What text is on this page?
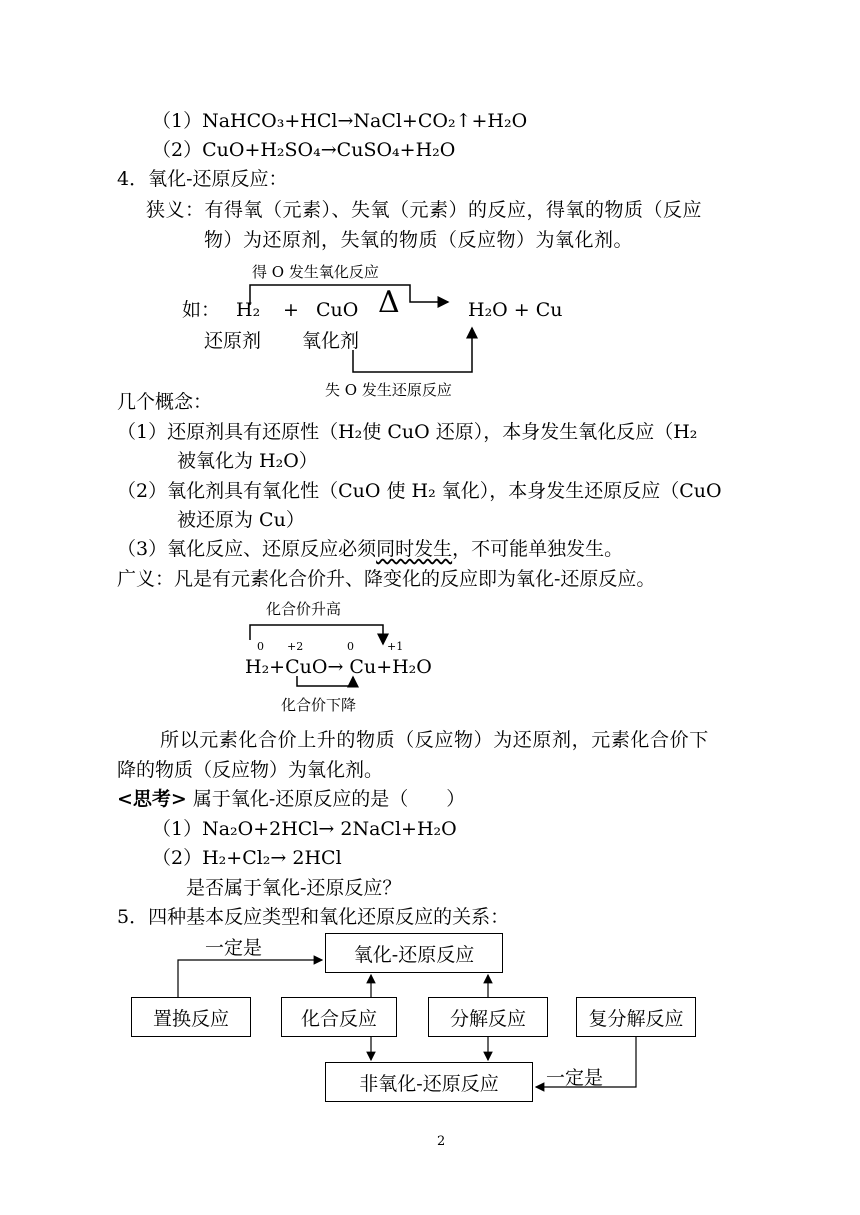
（1）NaHCO₃+HCl→NaCl+CO₂↑+H₂O
（2）CuO+H₂SO₄→CuSO₄+H₂O
4．氧化-还原反应：
狭义：有得氧（元素）、失氧（元素）的反应，得氧的物质（反应
物）为还原剂，失氧的物质（反应物）为氧化剂。
得 O 发生氧化反应
如： H₂ + CuO Δ	H₂O + Cu
还原剂 氧化剂
失 O 发生还原反应
几个概念：
（1）还原剂具有还原性（H₂使 CuO 还原），本身发生氧化反应（H₂
被氧化为 H₂O）
（2）氧化剂具有氧化性（CuO 使 H₂ 氧化），本身发生还原反应（CuO
被还原为 Cu）
（3）氧化反应、还原反应必须同时发生，不可能单独发生。
广义：凡是有元素化合价升、降变化的反应即为氧化-还原反应。
化合价升高
0 +2	0	+1
H₂+CuO→ Cu+H₂O
化合价下降
所以元素化合价上升的物质（反应物）为还原剂，元素化合价下
降的物质（反应物）为氧化剂。
<思考> 属于氧化-还原反应的是（　　）
（1）Na₂O+2HCl→ 2NaCl+H₂O
（2）H₂+Cl₂→ 2HCl
是否属于氧化-还原反应？
5．四种基本反应类型和氧化还原反应的关系：
一定是	氧化-还原反应
置换反应	化合反应	分解反应	复分解反应
非氧化-还原反应	一定是
2
